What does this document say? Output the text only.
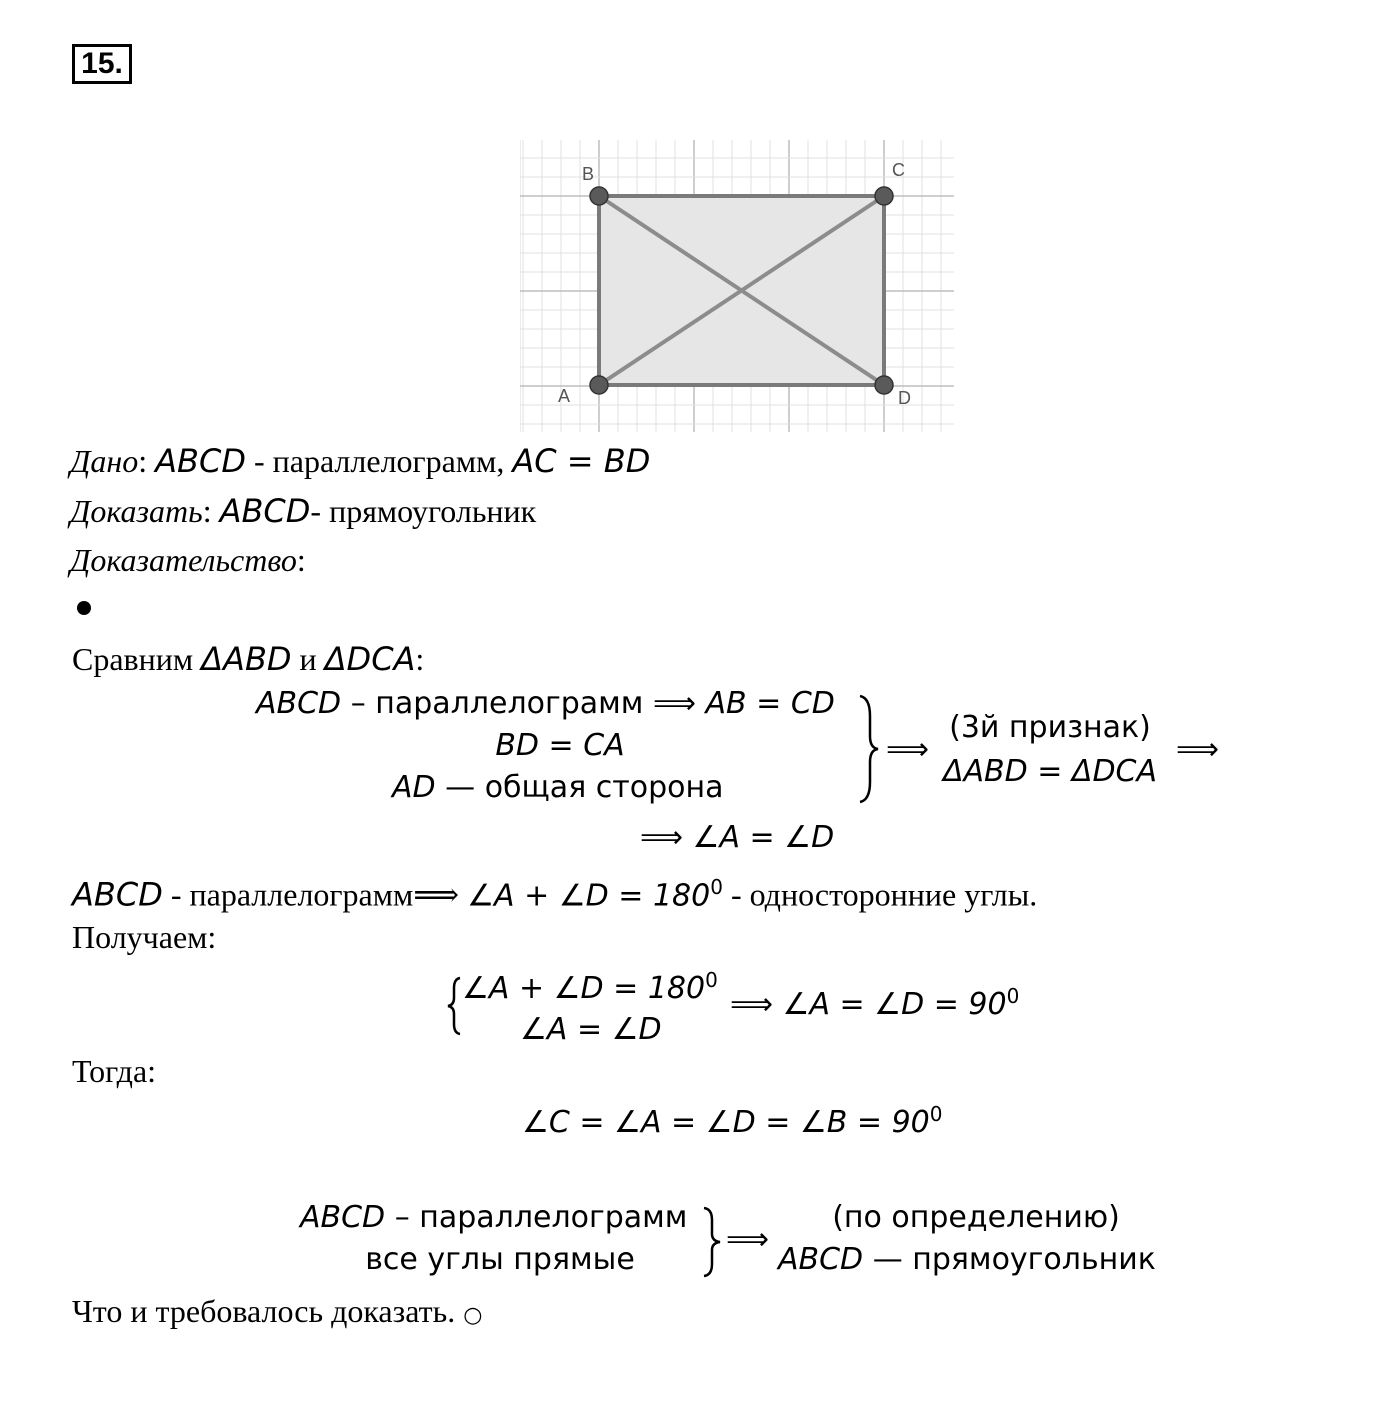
15.
B	C
A	D
Дано: ABCD - параллелограмм, AC = BD
Доказать: ABCD- прямоугольник
Доказательство:
Сравним ΔABD и ΔDCA:
ABCD – параллелограмм ⟹ AB = CD
BD = CA
AD — общая сторона
⟹
(3й признак)
ΔABD = ΔDCA
⟹
⟹ ∠A = ∠D
ABCD - параллелограмм⟹ ∠A + ∠D = $180^0$ - односторонние углы.
Получаем:
∠A + ∠D = $180^0$
∠A = ∠D
⟹ ∠A = ∠D = $90^0$
Тогда:
∠C = ∠A = ∠D = ∠B = $90^0$
ABCD – параллелограмм
все углы прямые
⟹
(по определению)
ABCD — прямоугольник
Что и требовалось доказать. ○
